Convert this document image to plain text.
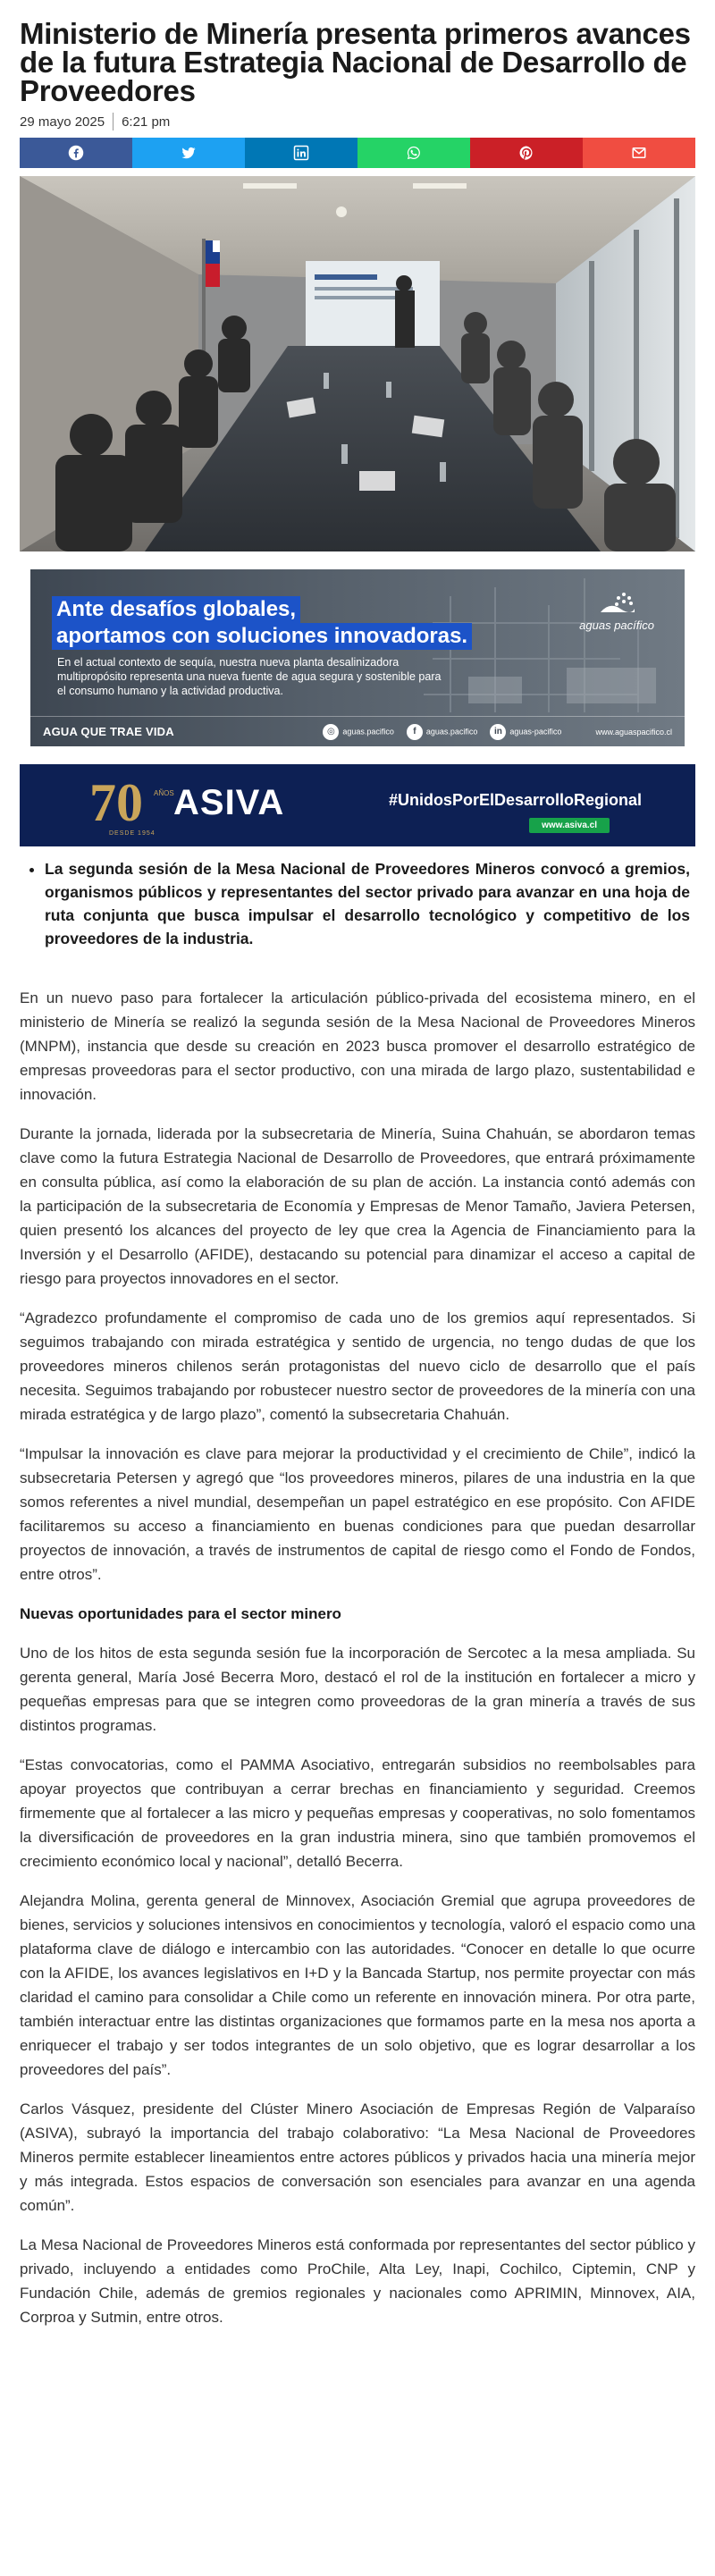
Ministerio de Minería presenta primeros avances de la futura Estrategia Nacional de Desarrollo de Proveedores
29 mayo 2025 6:21 pm
Ante desafíos globales,
aportamos con soluciones innovadoras.
En el actual contexto de sequía, nuestra nueva planta desalinizadora multipropósito representa una nueva fuente de agua segura y sostenible para el consumo humano y la actividad productiva.
aguas pacífico
AGUA QUE TRAE VIDA	◎ aguas.pacifico	f aguas.pacifico	in aguas-pacifico	www.aguaspacifico.cl
70 AÑOS
DESDE 1954
ASIVA	#UnidosPorElDesarrolloRegional
www.asiva.cl
• La segunda sesión de la Mesa Nacional de Proveedores Mineros convocó a gremios, organismos públicos y representantes del sector privado para avanzar en una hoja de ruta conjunta que busca impulsar el desarrollo tecnológico y competitivo de los proveedores de la industria.

En un nuevo paso para fortalecer la articulación público-privada del ecosistema minero, en el ministerio de Minería se realizó la segunda sesión de la Mesa Nacional de Proveedores Mineros (MNPM), instancia que desde su creación en 2023 busca promover el desarrollo estratégico de empresas proveedoras para el sector productivo, con una mirada de largo plazo, sustentabilidad e innovación.

Durante la jornada, liderada por la subsecretaria de Minería, Suina Chahuán, se abordaron temas clave como la futura Estrategia Nacional de Desarrollo de Proveedores, que entrará próximamente en consulta pública, así como la elaboración de su plan de acción. La instancia contó además con la participación de la subsecretaria de Economía y Empresas de Menor Tamaño, Javiera Petersen, quien presentó los alcances del proyecto de ley que crea la Agencia de Financiamiento para la Inversión y el Desarrollo (AFIDE), destacando su potencial para dinamizar el acceso a capital de riesgo para proyectos innovadores en el sector.

“Agradezco profundamente el compromiso de cada uno de los gremios aquí representados. Si seguimos trabajando con mirada estratégica y sentido de urgencia, no tengo dudas de que los proveedores mineros chilenos serán protagonistas del nuevo ciclo de desarrollo que el país necesita. Seguimos trabajando por robustecer nuestro sector de proveedores de la minería con una mirada estratégica y de largo plazo”, comentó la subsecretaria Chahuán.

“Impulsar la innovación es clave para mejorar la productividad y el crecimiento de Chile”, indicó la subsecretaria Petersen y agregó que “los proveedores mineros, pilares de una industria en la que somos referentes a nivel mundial, desempeñan un papel estratégico en ese propósito. Con AFIDE facilitaremos su acceso a financiamiento en buenas condiciones para que puedan desarrollar proyectos de innovación, a través de instrumentos de capital de riesgo como el Fondo de Fondos, entre otros”.

Nuevas oportunidades para el sector minero

Uno de los hitos de esta segunda sesión fue la incorporación de Sercotec a la mesa ampliada. Su gerenta general, María José Becerra Moro, destacó el rol de la institución en fortalecer a micro y pequeñas empresas para que se integren como proveedoras de la gran minería a través de sus distintos programas.

“Estas convocatorias, como el PAMMA Asociativo, entregarán subsidios no reembolsables para apoyar proyectos que contribuyan a cerrar brechas en financiamiento y seguridad. Creemos firmemente que al fortalecer a las micro y pequeñas empresas y cooperativas, no solo fomentamos la diversificación de proveedores en la gran industria minera, sino que también promovemos el crecimiento económico local y nacional”, detalló Becerra.

Alejandra Molina, gerenta general de Minnovex, Asociación Gremial que agrupa proveedores de bienes, servicios y soluciones intensivos en conocimientos y tecnología, valoró el espacio como una plataforma clave de diálogo e intercambio con las autoridades. “Conocer en detalle lo que ocurre con la AFIDE, los avances legislativos en I+D y la Bancada Startup, nos permite proyectar con más claridad el camino para consolidar a Chile como un referente en innovación minera. Por otra parte, también interactuar entre las distintas organizaciones que formamos parte en la mesa nos aporta a enriquecer el trabajo y ser todos integrantes de un solo objetivo, que es lograr desarrollar a los proveedores del país”.

Carlos Vásquez, presidente del Clúster Minero Asociación de Empresas Región de Valparaíso (ASIVA), subrayó la importancia del trabajo colaborativo: “La Mesa Nacional de Proveedores Mineros permite establecer lineamientos entre actores públicos y privados hacia una minería mejor y más integrada. Estos espacios de conversación son esenciales para avanzar en una agenda común”.

La Mesa Nacional de Proveedores Mineros está conformada por representantes del sector público y privado, incluyendo a entidades como ProChile, Alta Ley, Inapi, Cochilco, Ciptemin, CNP y Fundación Chile, además de gremios regionales y nacionales como APRIMIN, Minnovex, AIA, Corproa y Sutmin, entre otros.
